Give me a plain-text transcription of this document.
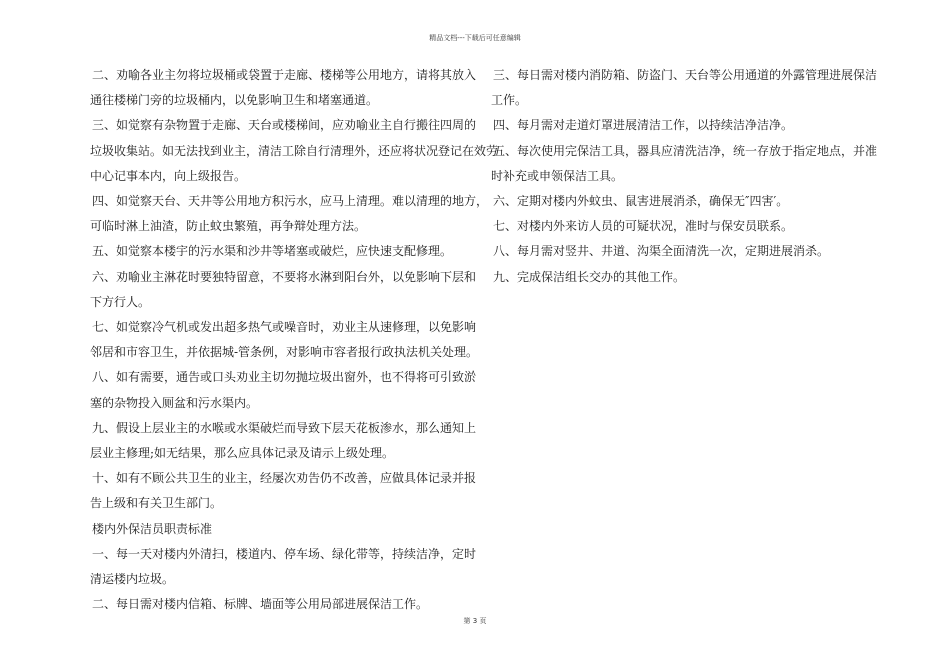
精品文档---下载后可任意编辑
二、劝喻各业主勿将垃圾桶或袋置于走廊、楼梯等公用地方，请将其放入
通往楼梯门旁的垃圾桶内，以免影响卫生和堵塞通道。
三、如觉察有杂物置于走廊、天台或楼梯间，应劝喻业主自行搬往四周的
垃圾收集站。如无法找到业主，清洁工除自行清理外，还应将状况登记在效劳
中心记事本内，向上级报告。
四、如觉察天台、天井等公用地方积污水，应马上清理。难以清理的地方，
可临时淋上油渣，防止蚊虫繁殖，再争辩处理方法。
五、如觉察本楼宇的污水渠和沙井等堵塞或破烂，应快速支配修理。
六、劝喻业主淋花时要独特留意，不要将水淋到阳台外，以免影响下层和
下方行人。
七、如觉察冷气机或发出超多热气或噪音时，劝业主从速修理，以免影响
邻居和市容卫生，并依据城-管条例，对影响市容者报行政执法机关处理。
八、如有需要，通告或口头劝业主切勿抛垃圾出窗外，也不得将可引致淤
塞的杂物投入厕盆和污水渠内。
九、假设上层业主的水喉或水渠破烂而导致下层天花板渗水，那么通知上
层业主修理;如无结果，那么应具体记录及请示上级处理。
十、如有不顾公共卫生的业主，经屡次劝告仍不改善，应做具体记录并报
告上级和有关卫生部门。
楼内外保洁员职责标准
一、每一天对楼内外清扫，楼道内、停车场、绿化带等，持续洁净，定时
清运楼内垃圾。
二、每日需对楼内信箱、标牌、墙面等公用局部进展保洁工作。
三、每日需对楼内消防箱、防盗门、天台等公用通道的外露管理进展保洁
工作。
四、每月需对走道灯罩进展清洁工作，以持续洁净洁净。
五、每次使用完保洁工具，器具应清洗洁净，统一存放于指定地点，并准
时补充或申领保洁工具。
六、定期对楼内外蚊虫、鼠害进展消杀，确保无″四害′。
七、对楼内外来访人员的可疑状况，准时与保安员联系。
八、每月需对竖井、井道、沟渠全面清洗一次，定期进展消杀。
九、完成保洁组长交办的其他工作。
第 3 页
